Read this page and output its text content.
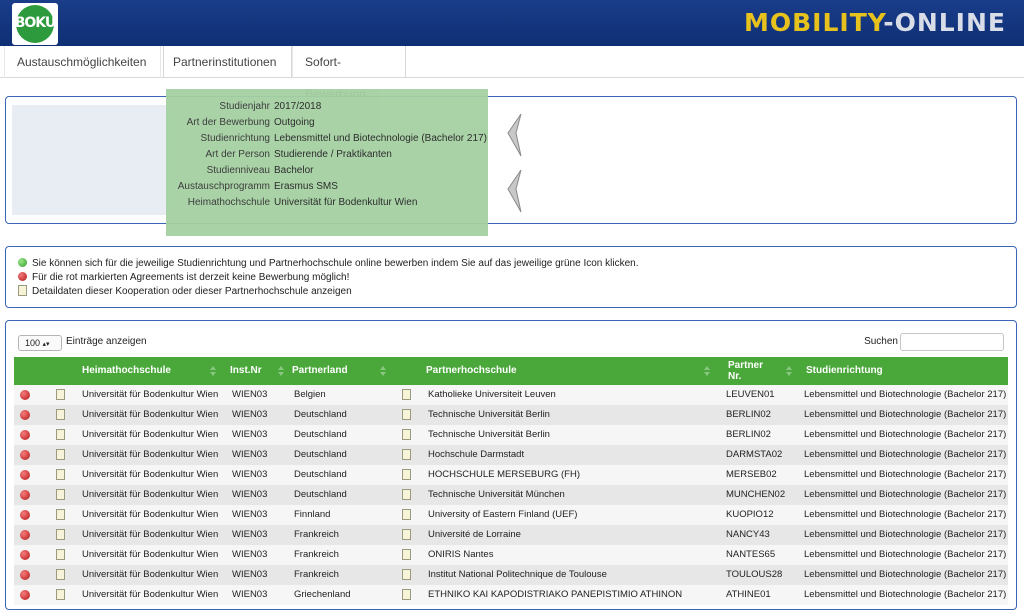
BOKU	MOBILITY-ONLINE
Austauschmöglichkeiten	Partnerinstitutionen	Sofort-
Studienjahr 2017/2018
Art der Bewerbung Outgoing
Studienrichtung Lebensmittel und Biotechnologie (Bachelor 217)
Art der Person Studierende / Praktikanten
Studienniveau Bachelor
Austauschprogramm Erasmus SMS
Heimathochschule Universität für Bodenkultur Wien
Sie können sich für die jeweilige Studienrichtung und Partnerhochschule online bewerben indem Sie auf das jeweilige grüne Icon klicken.
Für die rot markierten Agreements ist derzeit keine Bewerbung möglich!
Detaildaten dieser Kooperation oder dieser Partnerhochschule anzeigen
100 ▴▾	Einträge anzeigen	Suchen
Heimathochschule	Inst.Nr	Partnerland	Partnerhochschule	Partner
Nr.
Studienrichtung
Universität für Bodenkultur Wien WIEN03	Belgien	Katholieke Universiteit Leuven	LEUVEN01	Lebensmittel und Biotechnologie (Bachelor 217)
Universität für Bodenkultur Wien WIEN03	Deutschland	Technische Universität Berlin	BERLIN02	Lebensmittel und Biotechnologie (Bachelor 217)
Universität für Bodenkultur Wien WIEN03	Deutschland	Technische Universität Berlin	BERLIN02	Lebensmittel und Biotechnologie (Bachelor 217)
Universität für Bodenkultur Wien WIEN03	Deutschland	Hochschule Darmstadt	DARMSTA02 Lebensmittel und Biotechnologie (Bachelor 217)
Universität für Bodenkultur Wien WIEN03	Deutschland	HOCHSCHULE MERSEBURG (FH)	MERSEB02	Lebensmittel und Biotechnologie (Bachelor 217)
Universität für Bodenkultur Wien WIEN03	Deutschland	Technische Universität München	MUNCHEN02 Lebensmittel und Biotechnologie (Bachelor 217)
Universität für Bodenkultur Wien WIEN03	Finnland	University of Eastern Finland (UEF)	KUOPIO12	Lebensmittel und Biotechnologie (Bachelor 217)
Universität für Bodenkultur Wien WIEN03	Frankreich	Université de Lorraine	NANCY43	Lebensmittel und Biotechnologie (Bachelor 217)
Universität für Bodenkultur Wien WIEN03	Frankreich	ONIRIS Nantes	NANTES65	Lebensmittel und Biotechnologie (Bachelor 217)
Universität für Bodenkultur Wien WIEN03	Frankreich	Institut National Politechnique de Toulouse	TOULOUS28 Lebensmittel und Biotechnologie (Bachelor 217)
Universität für Bodenkultur Wien WIEN03	Griechenland	ETHNIKO KAI KAPODISTRIAKO PANEPISTIMIO ATHINON	ATHINE01	Lebensmittel und Biotechnologie (Bachelor 217)
